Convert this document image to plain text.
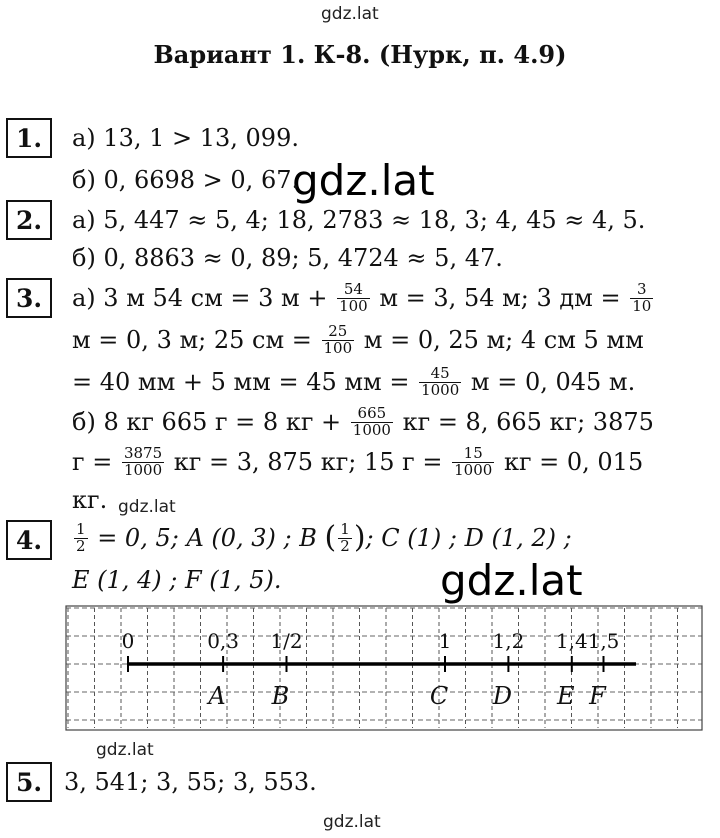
gdz.lat
gdz.lat
Вариант 1. К-8. (Нурк, п. 4.9)
1.	а) 13, 1 > 13, 099.
б) 0, 6698 > 0, 67.
2.	а) 5, 447 ≈ 5, 4; 18, 2783 ≈ 18, 3; 4, 45 ≈ 4, 5.
б) 0, 8863 ≈ 0, 89; 5, 4724 ≈ 5, 47.
3.	а) 3 м 54 см = 3 м +
$\frac{54}{100}$
м = 3, 54 м; 3 дм =
$\frac{3}{10}$
м = 0, 3 м; 25 см =
$\frac{25}{100}$
м = 0, 25 м; 4 см 5 мм
= 40 мм + 5 мм = 45 мм =
$\frac{45}{1000}$
м = 0, 045 м.
б) 8 кг 665 г = 8 кг +
$\frac{665}{1000}$
кг = 8, 665 кг; 3875
г =
$\frac{3875}{1000}$
кг = 3, 875 кг; 15 г =
$\frac{15}{1000}$
кг = 0, 015
кг. gdz.lat
4.	$\frac{1}{2}$
= 0, 5; A (0, 3) ; B
( $\frac{1}{2}$ ) ; C (1) ; D (1, 2) ;
E (1, 4) ; F (1, 5).	gdz.lat
0	0,3 1/2	1 1,2 1,4 1,5
A B	C D E F
gdz.lat
5. 3, 541; 3, 55; 3, 553.
gdz.lat
